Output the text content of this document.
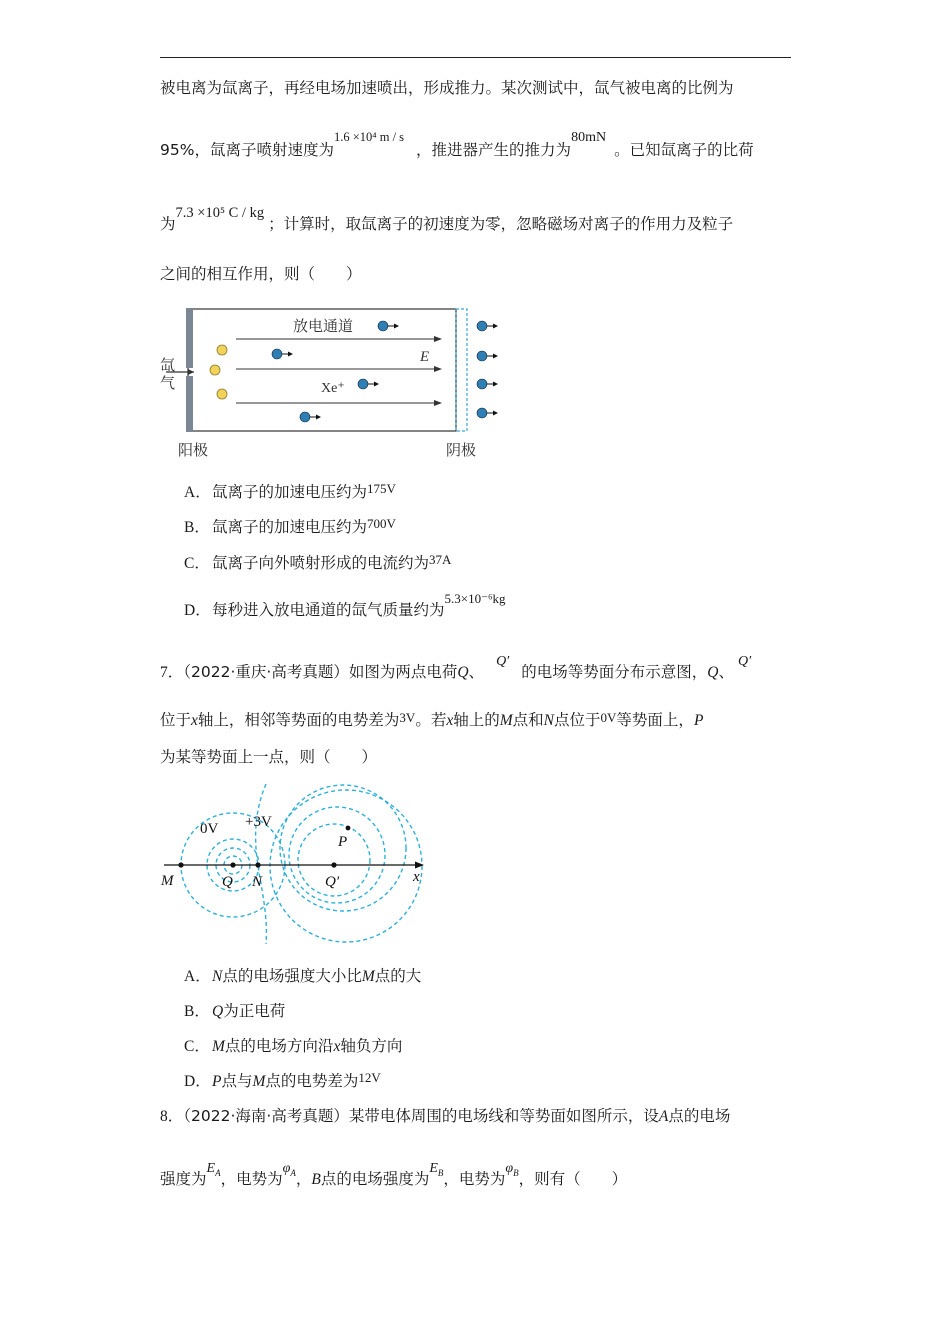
被电离为氙离子，再经电场加速喷出，形成推力。某次测试中，氙气被电离的比例为
95%，氙离子喷射速度为$^{1.6 \times 10^4 m / s}$，推进器产生的推力为80mN。已知氙离子的比荷
为7.3 ×10⁵ C / kg；计算时，取氙离子的初速度为零，忽略磁场对离子的作用力及粒子
之间的相互作用，则（　　）
氙
气
放电通道
E
Xe⁺
阳极	阴极
A．氙离子的加速电压约为$^{175V}$
B． 氙离子的加速电压约为$^{700V}$
C． 氙离子向外喷射形成的电流约为$^{37A}$
D．每秒进入放电通道的氙气质量约为$^{5.3\times 10^{-6}kg}$
7．（2022·重庆·高考真题）如图为两点电荷Q、Q′的电场等势面分布示意图，Q、Q′
位于x轴上，相邻等势面的电势差为3V。若x轴上的M点和N点位于0V等势面上，P
为某等势面上一点，则（　　）
0V +3V
P
M	Q N	Q′	x
A．N点的电场强度大小比M点的大
B． Q为正电荷
C． M点的电场方向沿x轴负方向
D．P点与M点的电势差为$^{12V}$
8．（2022·海南·高考真题）某带电体周围的电场线和等势面如图所示，设A点的电场
强度为$E_A$，电势为$\varphi_A$，B点的电场强度为$E_B$，电势为$\varphi_B$，则有（　　）
